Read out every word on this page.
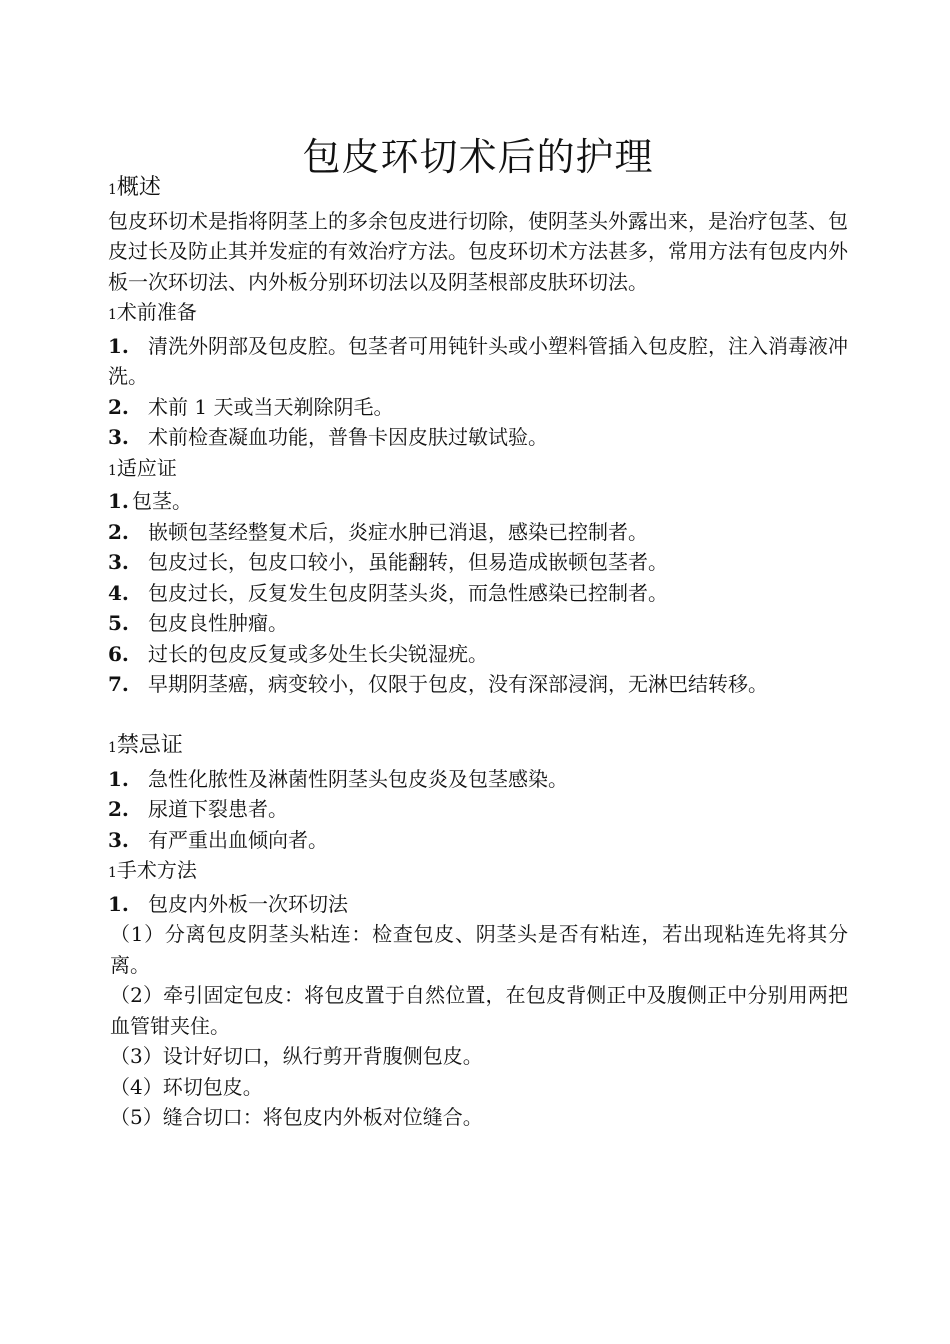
包皮环切术后的护理

1概述

包皮环切术是指将阴茎上的多余包皮进行切除，使阴茎头外露出来，是治疗包茎、包皮过长及防止其并发症的有效治疗方法。包皮环切术方法甚多，常用方法有包皮内外板一次环切法、内外板分别环切法以及阴茎根部皮肤环切法。

1术前准备

1. 清洗外阴部及包皮腔。包茎者可用钝针头或小塑料管插入包皮腔，注入消毒液冲洗。

2. 术前 1 天或当天剃除阴毛。

3. 术前检查凝血功能，普鲁卡因皮肤过敏试验。

1适应证

1. 包茎。

2. 嵌顿包茎经整复术后，炎症水肿已消退，感染已控制者。

3. 包皮过长，包皮口较小，虽能翻转，但易造成嵌顿包茎者。

4. 包皮过长，反复发生包皮阴茎头炎，而急性感染已控制者。

5. 包皮良性肿瘤。

6. 过长的包皮反复或多处生长尖锐湿疣。

7. 早期阴茎癌，病变较小，仅限于包皮，没有深部浸润，无淋巴结转移。

1禁忌证

1. 急性化脓性及淋菌性阴茎头包皮炎及包茎感染。

2. 尿道下裂患者。

3. 有严重出血倾向者。

1手术方法

1. 包皮内外板一次环切法

（1）分离包皮阴茎头粘连：检查包皮、阴茎头是否有粘连，若出现粘连先将其分离。

（2）牵引固定包皮：将包皮置于自然位置，在包皮背侧正中及腹侧正中分别用两把血管钳夹住。

（3）设计好切口，纵行剪开背腹侧包皮。

（4）环切包皮。

（5）缝合切口：将包皮内外板对位缝合。
